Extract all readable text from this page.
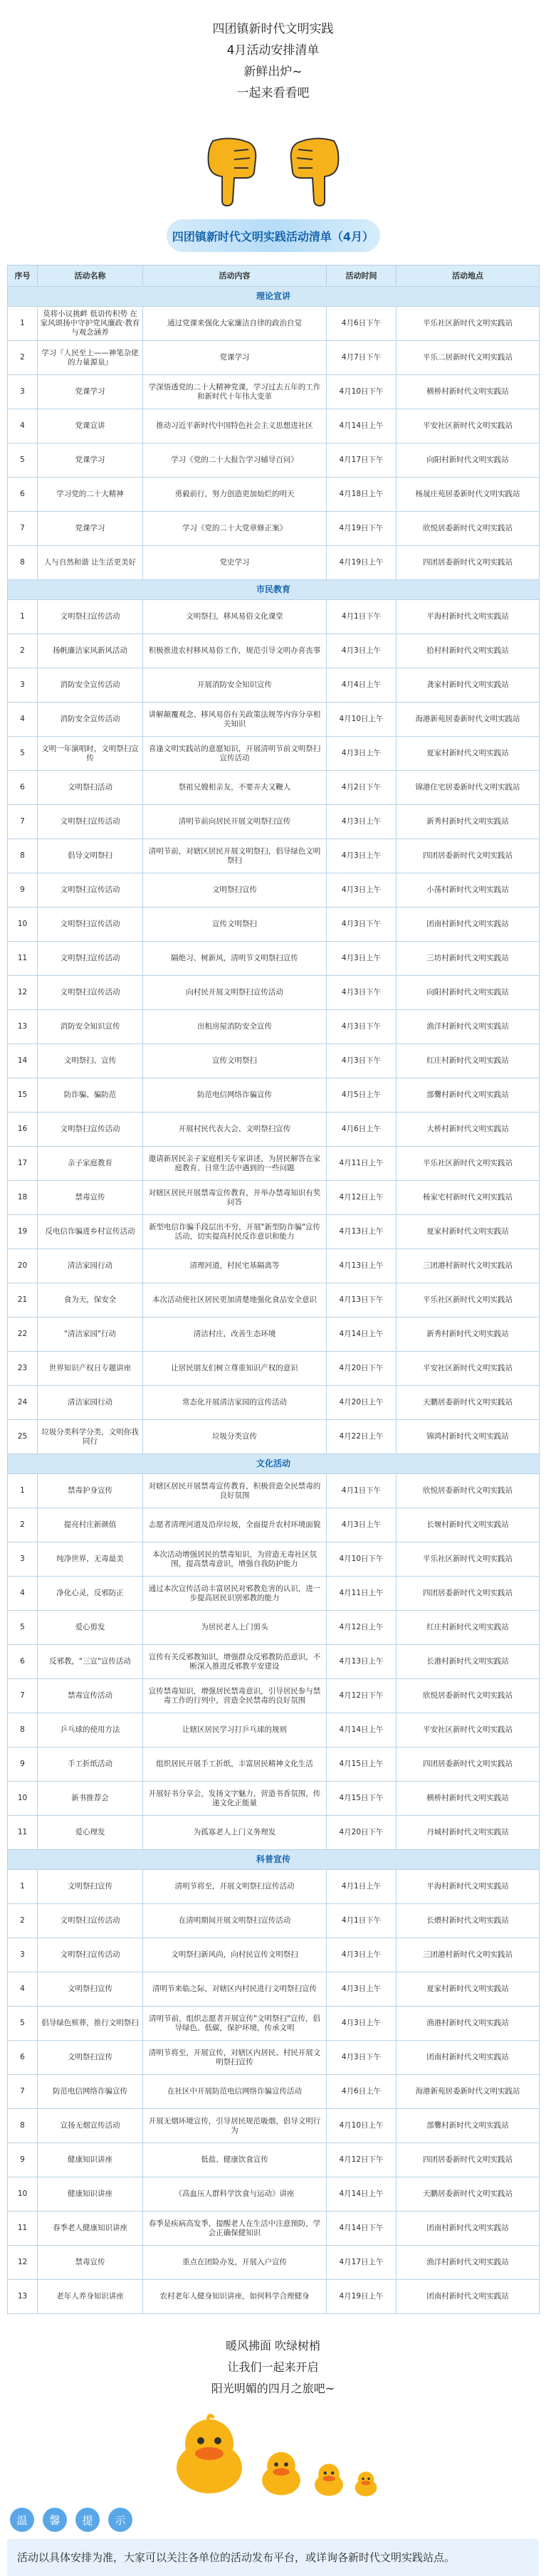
四团镇新时代文明实践
4月活动安排清单
新鲜出炉~
一起来看看吧
四团镇新时代文明实践活动清单（4月）
序号	活动名称	活动内容	活动时间	活动地点
理论宣讲				
1	莫将小议挑衅 低语传积势 在家风颂扬中守护党风廉政·教育与观念涵养	通过党课来强化大家廉洁自律的政治自觉	4月6日下午	平乐社区新时代文明实践站
2	学习『人民至上——神笔杂佬的力量源泉』	党课学习	4月7日下午	平乐二居新时代文明实践站
3	党课学习	学深悟透党的二十大精神党课，学习过去五年的工作和新时代十年伟大变革	4月10日下午	横桥村新时代文明实践站
4	党课宣讲	推动习近平新时代中国特色社会主义思想进社区	4月14日上午	平安社区新时代文明实践站
5	党课学习	学习《党的二十大报告学习辅导百问》	4月17日下午	向阳村新时代文明实践站
6	学习党的二十大精神	勇毅前行，努力创造更加灿烂的明天	4月18日上午	杨晟庄苑居委新时代文明实践站
7	党课学习	学习《党的二十大党章修正案》	4月19日下午	欣悦居委新时代文明实践站
8	人与自然和谐 让生活更美好	党史学习	4月19日上午	四团居委新时代文明实践站
市民教育				
1	文明祭扫宣传活动	文明祭扫，移风易俗文化课堂	4月1日下午	平海村新时代文明实践站
2	扬帆廉洁家风新风活动	积极推进农村移风易俗工作，规范引导文明办喜丧事	4月3日上午	拾村村新时代文明实践站
3	消防安全宣传活动	开展消防安全知识宣传	4月4日上午	龚家村新时代文明实践站
4	消防安全宣传活动	讲解颠覆观念、移风易俗有关政策法规等内容分享相关知识	4月10日上午	海港新苑居委新时代文明实践站
5	文明一年演唱时，文明祭扫宣传	喜逢文明实践站的意愿知识，开展清明节前文明祭扫宣传活动	4月3日上午	夏家村新时代文明实践站
6	文明祭扫活动	祭祖兄嫂相亲友，不要弄夫又鞭人	4月2日下午	锦港住宅居委新时代文明实践站
7	文明祭扫宣传活动	清明节前向居民开展文明祭扫宣传	4月3日上午	新秀村新时代文明实践站
8	倡导文明祭扫	清明节前，对辖区居民开展文明祭扫，倡导绿色文明祭扫	4月3日上午	四团居委新时代文明实践站
9	文明祭扫宣传活动	文明祭扫宣传	4月3日上午	小荡村新时代文明实践站
10	文明祭扫宣传活动	宣传文明祭扫	4月3日下午	团南村新时代文明实践站
11	文明祭扫宣传活动	隔绝习、树新风，清明节文明祭扫宣传	4月3日上午	三坊村新时代文明实践站
12	文明祭扫宣传活动	向村民开展文明祭扫宣传活动	4月3日下午	向阳村新时代文明实践站
13	消防安全知识宣传	出租房屋消防安全宣传	4月3日下午	渔洋村新时代文明实践站
14	文明祭扫、宣传	宣传文明祭扫	4月3日下午	红庄村新时代文明实践站
15	防诈骗、骗防范	防范电信网络诈骗宣传	4月5日上午	部爨村新时代文明实践站
16	文明祭扫宣传活动	开展村民代表大会、文明祭扫宣传	4月6日上午	大桥村新时代文明实践站
17	亲子家庭教育	邀请新居民亲子家庭相关专家讲述，为居民解答在家庭教育、日常生活中遇到的一些问题	4月11日上午	平乐社区新时代文明实践站
18	禁毒宣传	对辖区居民开展禁毒宣传教育，并举办禁毒知识有奖问答	4月12日上午	杨家宅村新时代文明实践站
19	反电信诈骗进乡村宣传活动	新型电信诈骗手段层出不穷，开展"新型防诈骗"宣传活动，切实提高村民反诈意识和能力	4月13日上午	夏家村新时代文明实践站
20	清洁家园行动	清理河道，村民宅基隔离等	4月13日上午	三团港村新时代文明实践站
21	食为天，保安全	本次活动使社区居民更加清楚地强化食品安全意识	4月13日下午	平乐社区新时代文明实践站
22	"清洁家园"行动	清洁村庄，改善生态环境	4月14日上午	新秀村新时代文明实践站
23	世界知识产权日专题讲座	让居民朋友们树立尊重知识产权的意识	4月20日下午	平安社区新时代文明实践站
24	清洁家园行动	常态化开展清洁家园的宣传活动	4月20日上午	天鹏居委新时代文明实践站
25	垃圾分类科学分类，文明你我同行	垃圾分类宣传	4月22日上午	锦鸿村新时代文明实践站
文化活动				
1	禁毒护身宣传	对辖区居民开展禁毒宣传教育，积极营造全民禁毒的良好氛围	4月1日下午	欣悦居委新时代文明实践站
2	提亮村庄新颜值	志愿者清理河道及沿岸垃圾，全面提升农村环境面貌	4月3日上午	长堰村新时代文明实践站
3	纯净世界，无毒最美	本次活动增强居民的禁毒知识，为营造无毒社区氛围，提高禁毒意识，增强自我防护能力	4月10日下午	平乐社区新时代文明实践站
4	净化心灵，反邪防正	通过本次宣传活动丰富居民对邪教危害的认识，进一步提高居民识别邪教的能力	4月11日上午	四团居委新时代文明实践站
5	爱心剪发	为居民老人上门剪头	4月12日上午	红庄村新时代文明实践站
6	反邪教，"三宣"宣传活动	宣传有关反邪教知识，增强群众反邪教防范意识，不断深入推进反邪教平安建设	4月13日上午	长港村新时代文明实践站
7	禁毒宣传活动	宣传禁毒知识，增强居民禁毒意识，引导居民参与禁毒工作的行列中，营造全民禁毒的良好氛围	4月12日下午	欣悦居委新时代文明实践站
8	乒乓球的使用方法	让辖区居民学习打乒乓球的规则	4月14日上午	平安社区新时代文明实践站
9	手工折纸活动	组织居民开展手工折纸，丰富居民精神文化生活	4月15日上午	四团居委新时代文明实践站
10	新书推荐会	开展好书分享会，发扬文字魅力，营造书香氛围，传递文化正能量	4月15日下午	横桥村新时代文明实践站
11	爱心理发	为孤寡老人上门义务理发	4月20日下午	丹城村新时代文明实践站
科普宣传				
1	文明祭扫宣传	清明节将至，开展文明祭扫宣传活动	4月1日上午	平海村新时代文明实践站
2	文明祭扫宣传活动	在清明期间开展文明祭扫宣传活动	4月1日下午	长煨村新时代文明实践站
3	文明祭扫宣传活动	文明祭扫新风尚，向村民宣传文明祭扫	4月3日上午	三团港村新时代文明实践站
4	文明祭扫宣传	清明节来临之际，对辖区内村民进行文明祭扫宣传	4月3日上午	夏家村新时代文明实践站
5	倡导绿色殡葬，推行文明祭扫	清明节前，组织志愿者开展宣传"文明祭扫"宣传，倡导绿色、低碳，保护环境，传承文明	4月3日上午	渔港村新时代文明实践站
6	文明祭扫宣传	清明节将至，开展宣传，对辖区内居民、村民开展文明祭扫宣传	4月3日下午	团南村新时代文明实践站
7	防范电信网络诈骗宣传	在社区中开展防范电信网络诈骗宣传活动	4月6日上午	海港新苑居委新时代文明实践站
8	宣扬无烟宣传活动	开展无烟环境宣传，引导居民规范吸烟，倡导文明行为	4月10日上午	部爨村新时代文明实践站
9	健康知识讲座	低盐、健康饮食宣传	4月12日下午	四团居委新时代文明实践站
10	健康知识讲座	《高血压人群科学饮食与运动》讲座	4月14日上午	天鹏居委新时代文明实践站
11	春季老人健康知识讲座	春季是疾病高发季，提醒老人在生活中注意预防，学会正确保健知识	4月14日下午	团南村新时代文明实践站
12	禁毒宣传	重点在团险办发，开展入户宣传	4月17日上午	渔洋村新时代文明实践站
13	老年人养身知识讲座	农村老年人健身知识讲座，如何科学合理健身	4月19日上午	团南村新时代文明实践站
暖风拂面 吹绿树梢
让我们一起来开启
阳光明媚的四月之旅吧~
温	馨	提	示
活动以具体安排为准，大家可以关注各单位的活动发布平台，或详询各新时代文明实践站点。
